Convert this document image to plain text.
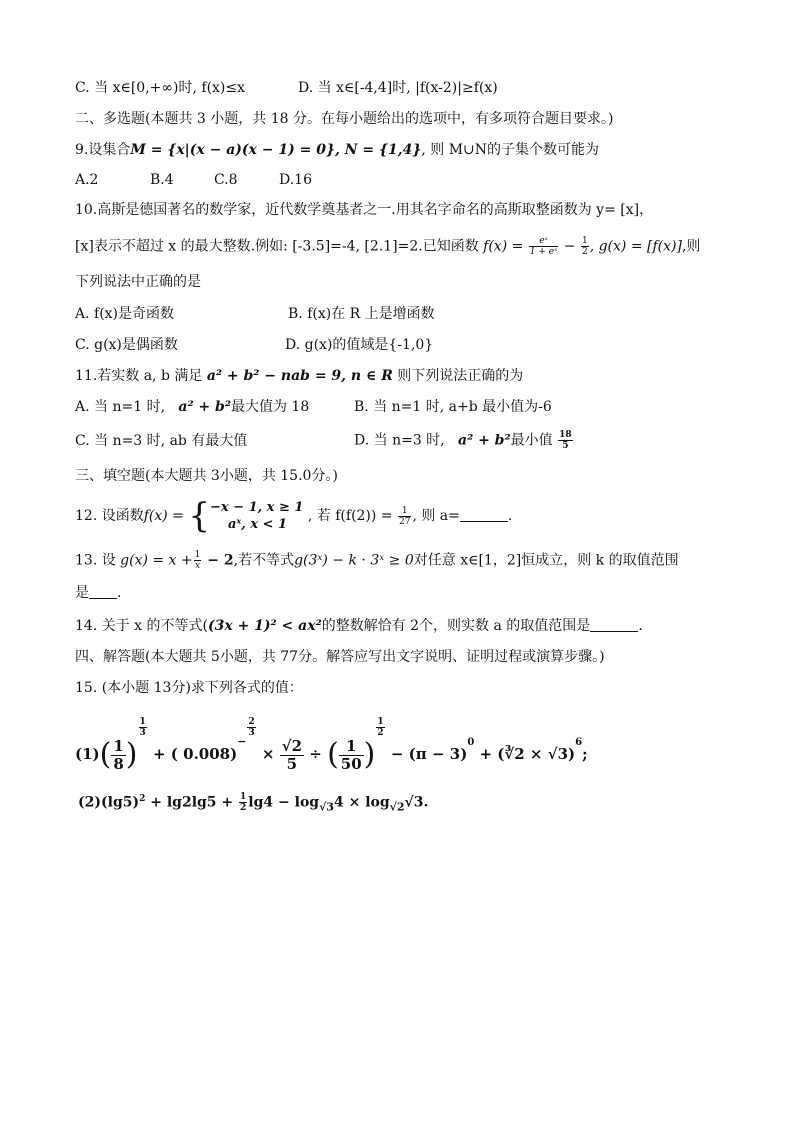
C. 当 x∈[0,+∞)时, f(x)≤x	D. 当 x∈[-4,4]时, |f(x-2)|≥f(x)
二、多选题(本题共 3 小题，共 18 分。在每小题给出的选项中，有多项符合题目要求。)
9.设集合M = {x|(x − a)(x − 1) = 0}, N = {1,4}, 则 M∪N的子集个数可能为
A.2	B.4	C.8	D.16
10.高斯是德国著名的数学家，近代数学奠基者之一.用其名字命名的高斯取整函数为 y= [x]，
[x]表示不超过 x 的最大整数.例如: [-3.5]=-4, [2.1]=2.已知函数 $f(x) = \frac{\text{eˣ}}{\text{1 + eˣ}} - \frac{1}{2}$ , g(x) = [f(x)],则
下列说法中正确的是
A. f(x)是奇函数	B. f(x)在 R 上是增函数
C. g(x)是偶函数	D. g(x)的值域是{-1,0}
11.若实数 a, b 满足 a² + b² − nab = 9, n ∈ R 则下列说法正确的为
A. 当 n=1 时, a² + b²最大值为 18	B. 当 n=1 时, a+b 最小值为-6
C. 当 n=3 时, ab 有最大值	D. 当 n=3 时, a² + b²最小值 $\frac{18}{5}$
三、填空题(本大题共 3小题，共 15.0分。)
12. 设函数f(x) = { −x − 1, x ≥ 1
aˣ, x < 1
, 若 $f(f(2)) = \frac{1}{27}$ , 则 a=	.
13. 设 $g(x) = x + \frac{1}{x} - 2$,若不等式g(3ˣ) − k · 3ˣ ≥ 0对任意 x∈[1，2]恒成立，则 k 的取值范围
是 .
14. 关于 x 的不等式((3x + 1)² < ax²的整数解恰有 2个，则实数 a 的取值范围是	.
四、解答题(本大题共 5小题，共 77分。解答应写出文字说明、证明过程或演算步骤。)
15. (本小题 13分)求下列各式的值：
$(1)( \frac{1}{8}$ )
$\frac{1}{3}$
+ ( 0.008)−
$\frac{2}{3}$
× $\frac{√2}{5}$ ÷ ( $\frac{1}{50}$ )
$\frac{1}{2}$
− $(\pi - 3)^0$ + (∛2 × √3)$^6$;
$(2)(\lg 5)^2 + \lg 2\lg 5 + \frac{1}{2} \lg 4 - \log_{√3}4 \times \log_{√2}√3$.
